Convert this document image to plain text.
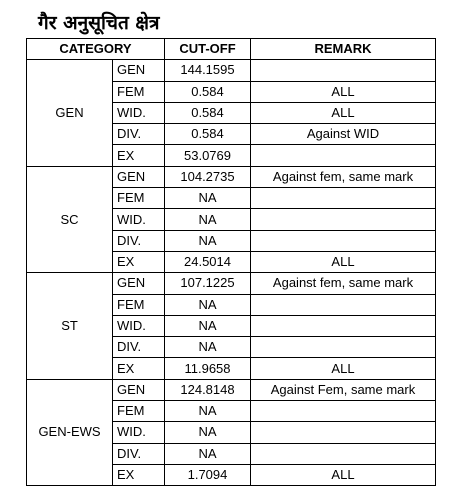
गैर अनुसूचित क्षेत्र
CATEGORY		CUT-OFF	REMARK
GEN	GEN	144.1595	
	FEM	0.584	ALL
	WID.	0.584	ALL
	DIV.	0.584	Against WID
	EX	53.0769	
SC	GEN	104.2735	Against fem, same mark
	FEM	NA	
	WID.	NA	
	DIV.	NA	
	EX	24.5014	ALL
ST	GEN	107.1225	Against fem, same mark
	FEM	NA	
	WID.	NA	
	DIV.	NA	
	EX	11.9658	ALL
GEN-EWS	GEN	124.8148	Against Fem, same mark
	FEM	NA	
	WID.	NA	
	DIV.	NA	
	EX	1.7094	ALL
